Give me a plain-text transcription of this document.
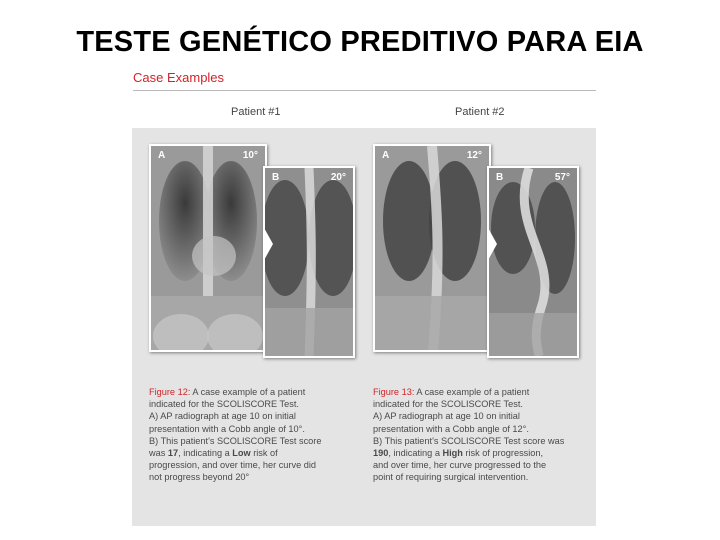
TESTE GENÉTICO PREDITIVO PARA EIA
Case Examples
Patient #1	Patient #2
A	10°
B	20°
A	12°
B	57°
Figure 12: A case example of a patient
indicated for the SCOLISCORE Test.
A) AP radiograph at age 10 on initial
presentation with a Cobb angle of 10°.
B) This patient's SCOLISCORE Test score
was 17, indicating a Low risk of
progression, and over time, her curve did
not progress beyond 20°
Figure 13: A case example of a patient
indicated for the SCOLISCORE Test.
A) AP radiograph at age 10 on initial
presentation with a Cobb angle of 12°.
B) This patient's SCOLISCORE Test score was
190, indicating a High risk of progression,
and over time, her curve progressed to the
point of requiring surgical intervention.
